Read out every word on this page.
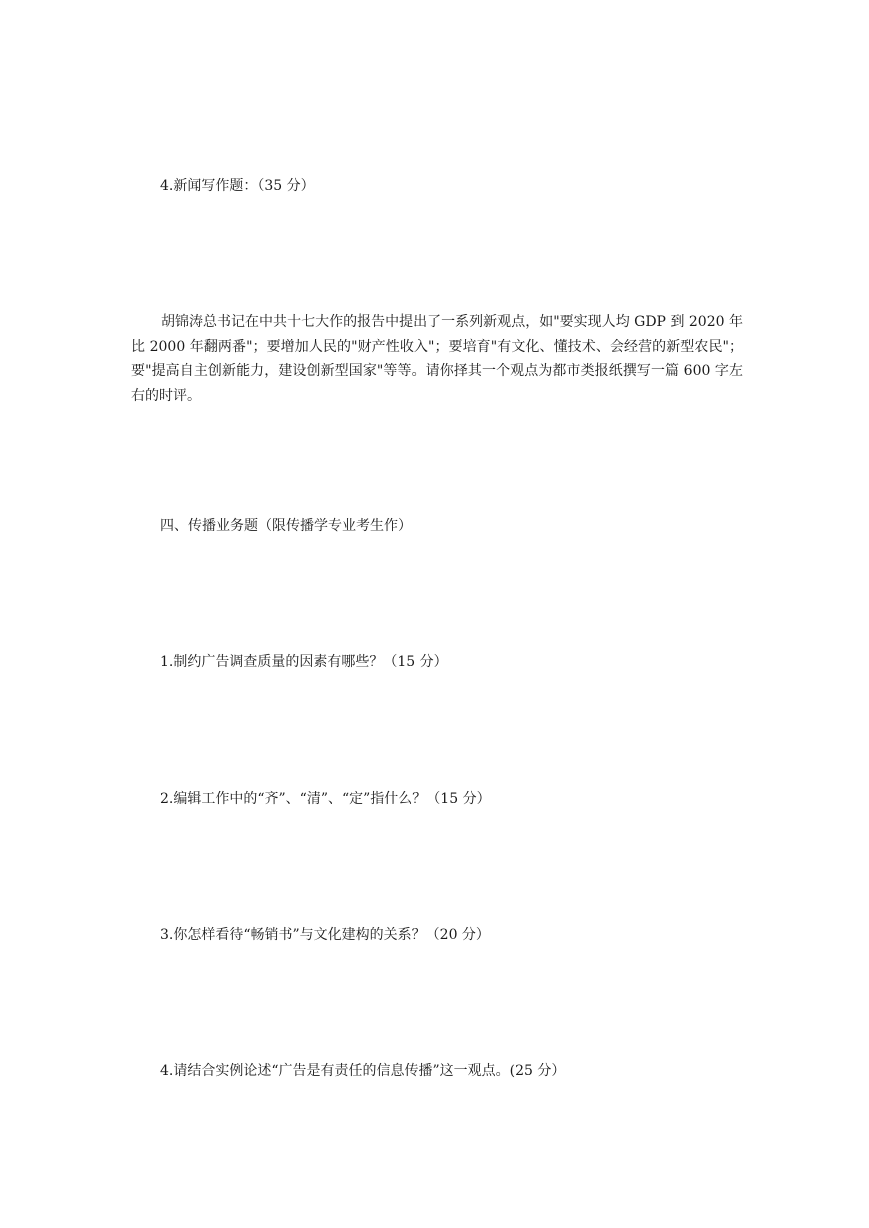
4.新闻写作题：（35 分）
胡锦涛总书记在中共十七大作的报告中提出了一系列新观点，如"要实现人均 GDP 到 2020 年比 2000 年翻两番"；要增加人民的"财产性收入"；要培育"有文化、懂技术、会经营的新型农民"；要"提高自主创新能力，建设创新型国家"等等。请你择其一个观点为都市类报纸撰写一篇 600 字左右的时评。
四、传播业务题（限传播学专业考生作）
1.制约广告调查质量的因素有哪些？（15 分）
2.编辑工作中的“齐”、“清”、“定”指什么？（15 分）
3.你怎样看待“畅销书”与文化建构的关系？（20 分）
4.请结合实例论述“广告是有责任的信息传播”这一观点。(25 分）
